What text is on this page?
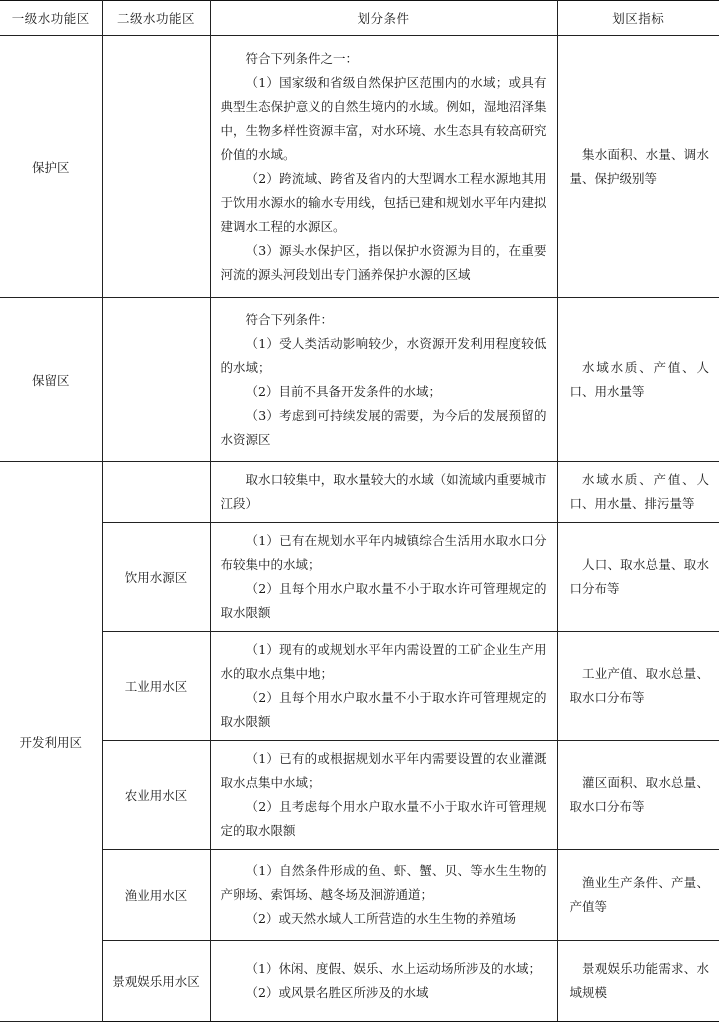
一级水功能区	二级水功能区	划分条件	划区指标
保护区		符合下列条件之一：

（1）国家级和省级自然保护区范围内的水域；或具有典型生态保护意义的自然生境内的水域。例如，湿地沼泽集中，生物多样性资源丰富，对水环境、水生态具有较高研究价值的水域。

（2）跨流域、跨省及省内的大型调水工程水源地其用于饮用水源水的输水专用线，包括已建和规划水平年内建拟建调水工程的水源区。

（3）源头水保护区，指以保护水资源为目的，在重要河流的源头河段划出专门涵养保护水源的区域	集水面积、水量、调水量、保护级别等

保留区		符合下列条件：

（1）受人类活动影响较少，水资源开发利用程度较低的水域；

（2）目前不具备开发条件的水域；

（3）考虑到可持续发展的需要，为今后的发展预留的水资源区	水域水质、产值、人口、用水量等

开发利用区		取水口较集中，取水量较大的水域（如流域内重要城市江段）	水域水质、产值、人口、用水量、排污量等

	饮用水源区	（1）已有在规划水平年内城镇综合生活用水取水口分布较集中的水域；

（2）且每个用水户取水量不小于取水许可管理规定的取水限额	人口、取水总量、取水口分布等

	工业用水区	（1）现有的或规划水平年内需设置的工矿企业生产用水的取水点集中地；

（2）且每个用水户取水量不小于取水许可管理规定的取水限额	工业产值、取水总量、取水口分布等

	农业用水区	（1）已有的或根据规划水平年内需要设置的农业灌溉取水点集中水域；

（2）且考虑每个用水户取水量不小于取水许可管理规定的取水限额	灌区面积、取水总量、取水口分布等

	渔业用水区	（1）自然条件形成的鱼、虾、蟹、贝、等水生生物的产卵场、索饵场、越冬场及洄游通道；

（2）或天然水域人工所营造的水生生物的养殖场	渔业生产条件、产量、产值等

	景观娱乐用水区	（1）休闲、度假、娱乐、水上运动场所涉及的水域；

（2）或风景名胜区所涉及的水域	景观娱乐功能需求、水域规模
